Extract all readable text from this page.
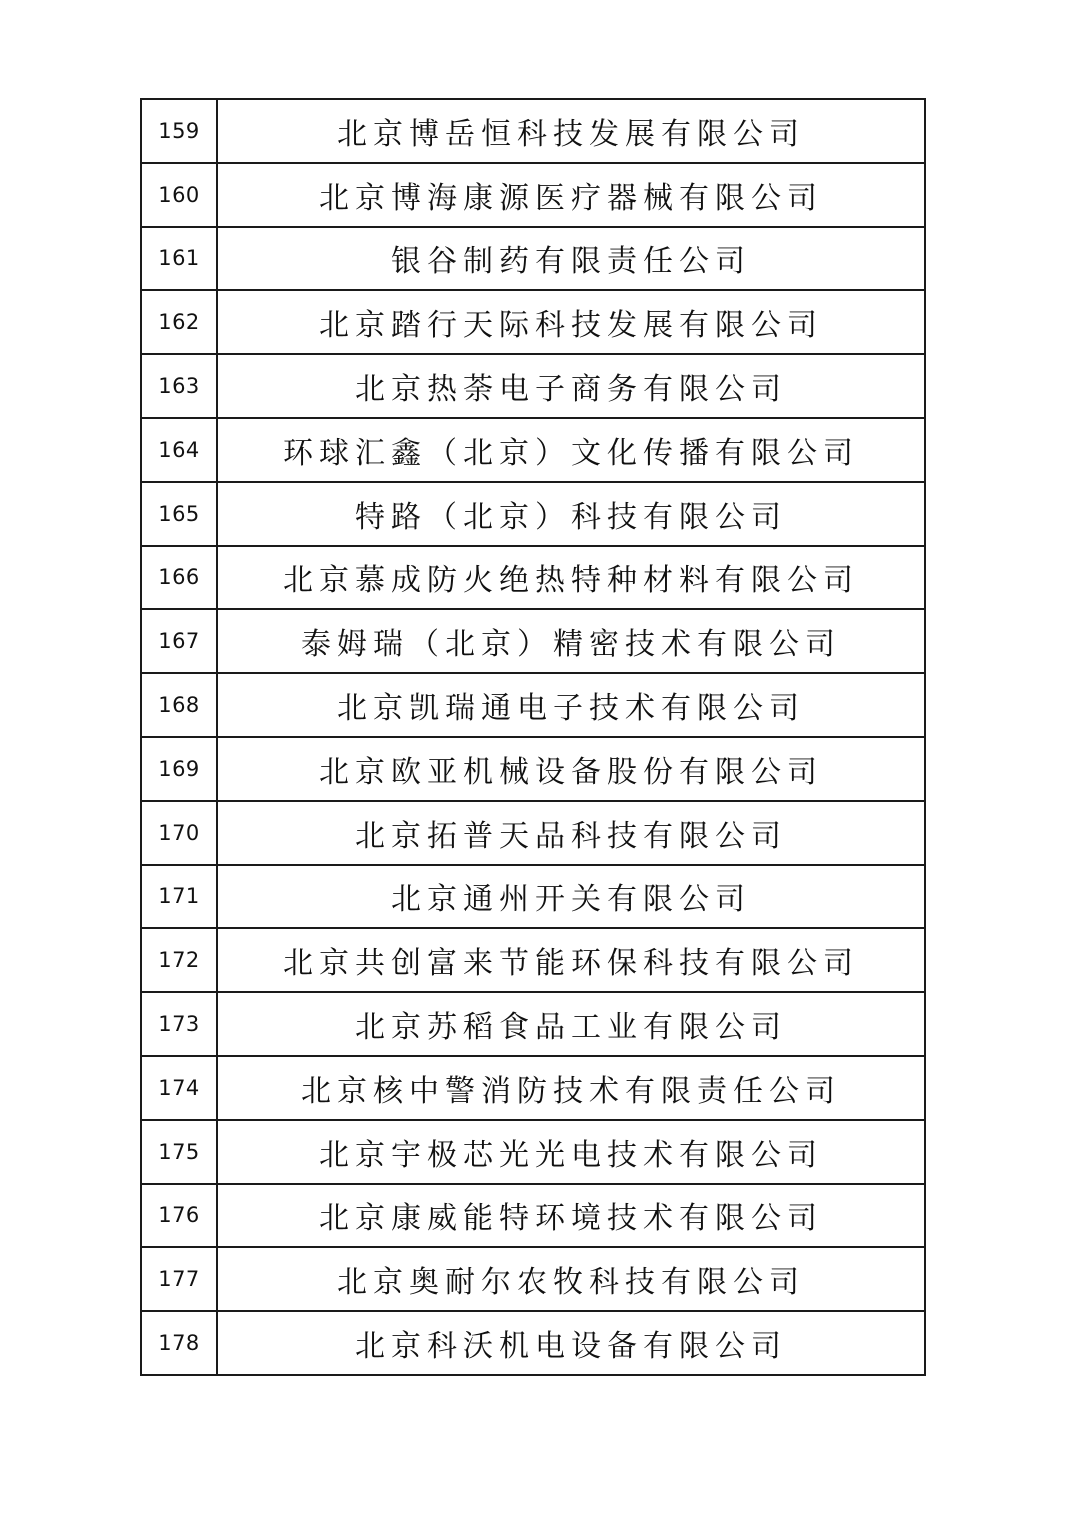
159	北京博岳恒科技发展有限公司
160	北京博海康源医疗器械有限公司
161	银谷制药有限责任公司
162	北京踏行天际科技发展有限公司
163	北京热荼电子商务有限公司
164	环球汇鑫（北京）文化传播有限公司
165	特路（北京）科技有限公司
166	北京慕成防火绝热特种材料有限公司
167	泰姆瑞（北京）精密技术有限公司
168	北京凯瑞通电子技术有限公司
169	北京欧亚机械设备股份有限公司
170	北京拓普天品科技有限公司
171	北京通州开关有限公司
172	北京共创富来节能环保科技有限公司
173	北京苏稻食品工业有限公司
174	北京核中警消防技术有限责任公司
175	北京宇极芯光光电技术有限公司
176	北京康威能特环境技术有限公司
177	北京奥耐尔农牧科技有限公司
178	北京科沃机电设备有限公司
